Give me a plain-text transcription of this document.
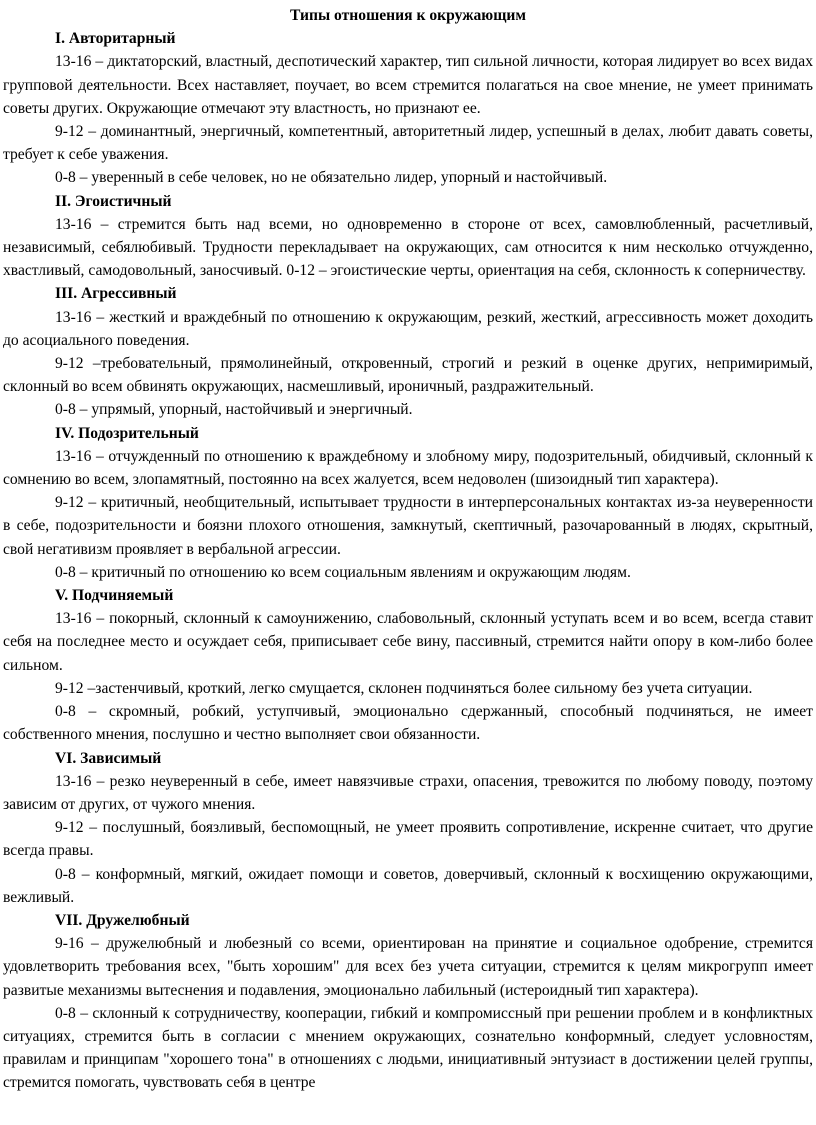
Типы отношения к окружающим

I. Авторитарный

13-16 – диктаторский, властный, деспотический характер, тип сильной личности, которая лидирует во всех видах групповой деятельности. Всех наставляет, поучает, во всем стремится полагаться на свое мнение, не умеет принимать советы других. Окружающие отмечают эту властность, но признают ее.

9-12 – доминантный, энергичный, компетентный, авторитетный лидер, успешный в делах, любит давать советы, требует к себе уважения.

0-8 – уверенный в себе человек, но не обязательно лидер, упорный и настойчивый.

II. Эгоистичный

13-16 – стремится быть над всеми, но одновременно в стороне от всех, самовлюбленный, расчетливый, независимый, себялюбивый. Трудности перекладывает на окружающих, сам относится к ним несколько отчужденно, хвастливый, самодовольный, заносчивый. 0-12 – эгоистические черты, ориентация на себя, склонность к соперничеству.

III. Агрессивный

13-16 – жесткий и враждебный по отношению к окружающим, резкий, жесткий, агрессивность может доходить до асоциального поведения.

9-12 –требовательный, прямолинейный, откровенный, строгий и резкий в оценке других, непримиримый, склонный во всем обвинять окружающих, насмешливый, ироничный, раздражительный.

0-8 – упрямый, упорный, настойчивый и энергичный.

IV. Подозрительный

13-16 – отчужденный по отношению к враждебному и злобному миру, подозрительный, обидчивый, склонный к сомнению во всем, злопамятный, постоянно на всех жалуется, всем недоволен (шизоидный тип характера).

9-12 – критичный, необщительный, испытывает трудности в интерперсональных контактах из-за неуверенности в себе, подозрительности и боязни плохого отношения, замкнутый, скептичный, разочарованный в людях, скрытный, свой негативизм проявляет в вербальной агрессии.

0-8 – критичный по отношению ко всем социальным явлениям и окружающим людям.

V. Подчиняемый

13-16 – покорный, склонный к самоунижению, слабовольный, склонный уступать всем и во всем, всегда ставит себя на последнее место и осуждает себя, приписывает себе вину, пассивный, стремится найти опору в ком-либо более сильном.

9-12 –застенчивый, кроткий, легко смущается, склонен подчиняться более сильному без учета ситуации.

0-8 – скромный, робкий, уступчивый, эмоционально сдержанный, способный подчиняться, не имеет собственного мнения, послушно и честно выполняет свои обязанности.

VI. Зависимый

13-16 – резко неуверенный в себе, имеет навязчивые страхи, опасения, тревожится по любому поводу, поэтому зависим от других, от чужого мнения.

9-12 – послушный, боязливый, беспомощный, не умеет проявить сопротивление, искренне считает, что другие всегда правы.

0-8 – конформный, мягкий, ожидает помощи и советов, доверчивый, склонный к восхищению окружающими, вежливый.

VII. Дружелюбный

9-16 – дружелюбный и любезный со всеми, ориентирован на принятие и социальное одобрение, стремится удовлетворить требования всех, "быть хорошим" для всех без учета ситуации, стремится к целям микрогрупп имеет развитые механизмы вытеснения и подавления, эмоционально лабильный (истероидный тип характера).

0-8 – склонный к сотрудничеству, кооперации, гибкий и компромиссный при решении проблем и в конфликтных ситуациях, стремится быть в согласии с мнением окружающих, сознательно конформный, следует условностям, правилам и принципам "хорошего тона" в отношениях с людьми, инициативный энтузиаст в достижении целей группы, стремится помогать, чувствовать себя в центре
